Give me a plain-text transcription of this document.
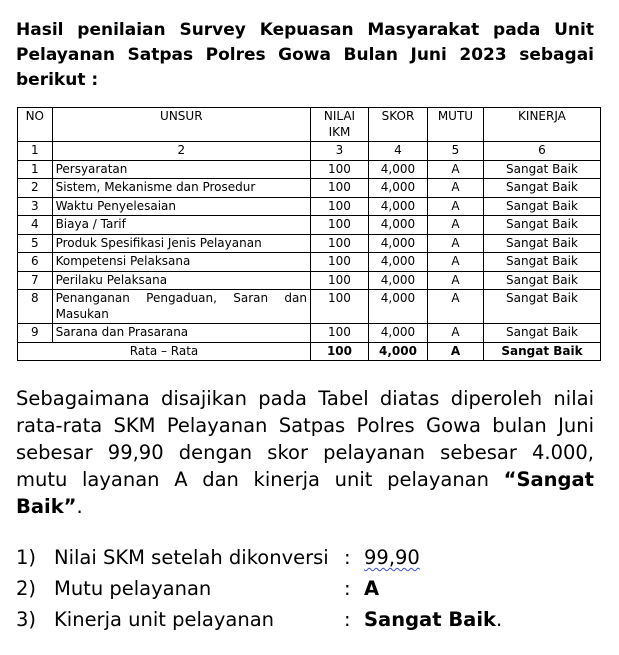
Hasil penilaian Survey Kepuasan Masyarakat pada Unit Pelayanan Satpas Polres Gowa Bulan Juni 2023 sebagai berikut :
NO	UNSUR	NILAI IKM	SKOR	MUTU	KINERJA
1	2	3	4	5	6
1	Persyaratan	100	4,000	A	Sangat Baik
2	Sistem, Mekanisme dan Prosedur	100	4,000	A	Sangat Baik
3	Waktu Penyelesaian	100	4,000	A	Sangat Baik
4	Biaya / Tarif	100	4,000	A	Sangat Baik
5	Produk Spesifikasi Jenis Pelayanan	100	4,000	A	Sangat Baik
6	Kompetensi Pelaksana	100	4,000	A	Sangat Baik
7	Perilaku Pelaksana	100	4,000	A	Sangat Baik
8	Penanganan Pengaduan, Saran dan Masukan	100	4,000	A	Sangat Baik
9	Sarana dan Prasarana	100	4,000	A	Sangat Baik
Rata – Rata		100	4,000	A	Sangat Baik
Sebagaimana disajikan pada Tabel diatas diperoleh nilai rata-rata SKM Pelayanan Satpas Polres Gowa bulan Juni sebesar 99,90 dengan skor pelayanan sebesar 4.000, mutu layanan A dan kinerja unit pelayanan “Sangat Baik”.
1) Nilai SKM setelah dikonversi : 99,90
2) Mutu pelayanan	: A
3) Kinerja unit pelayanan	: Sangat Baik .
